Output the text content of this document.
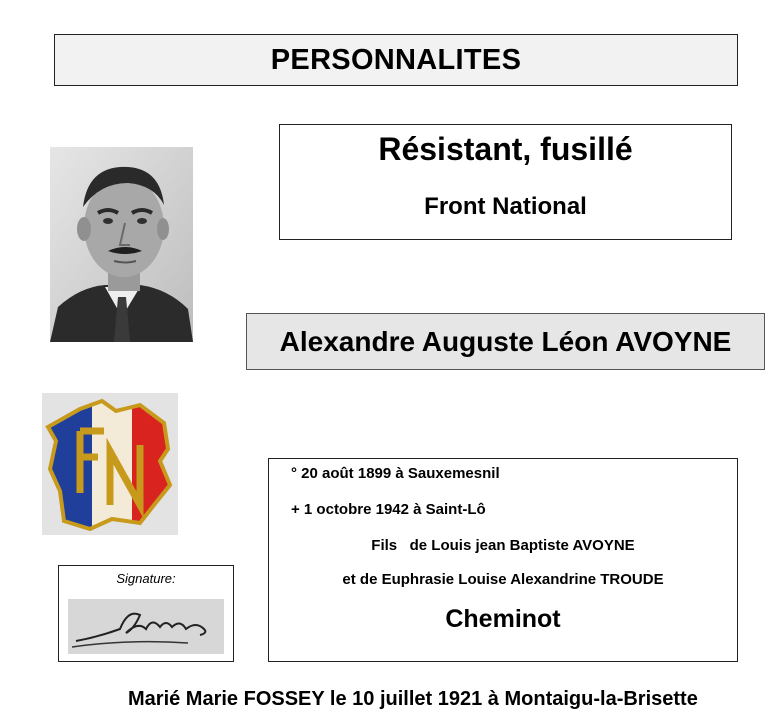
PERSONNALITES
Résistant, fusillé
Front National
Alexandre Auguste Léon AVOYNE
Signature:
° 20 août 1899 à Sauxemesnil
+ 1 octobre 1942 à Saint-Lô
Fils   de Louis jean Baptiste AVOYNE
et de Euphrasie Louise Alexandrine TROUDE
Cheminot
Marié Marie FOSSEY le 10 juillet 1921 à Montaigu-la-Brisette
